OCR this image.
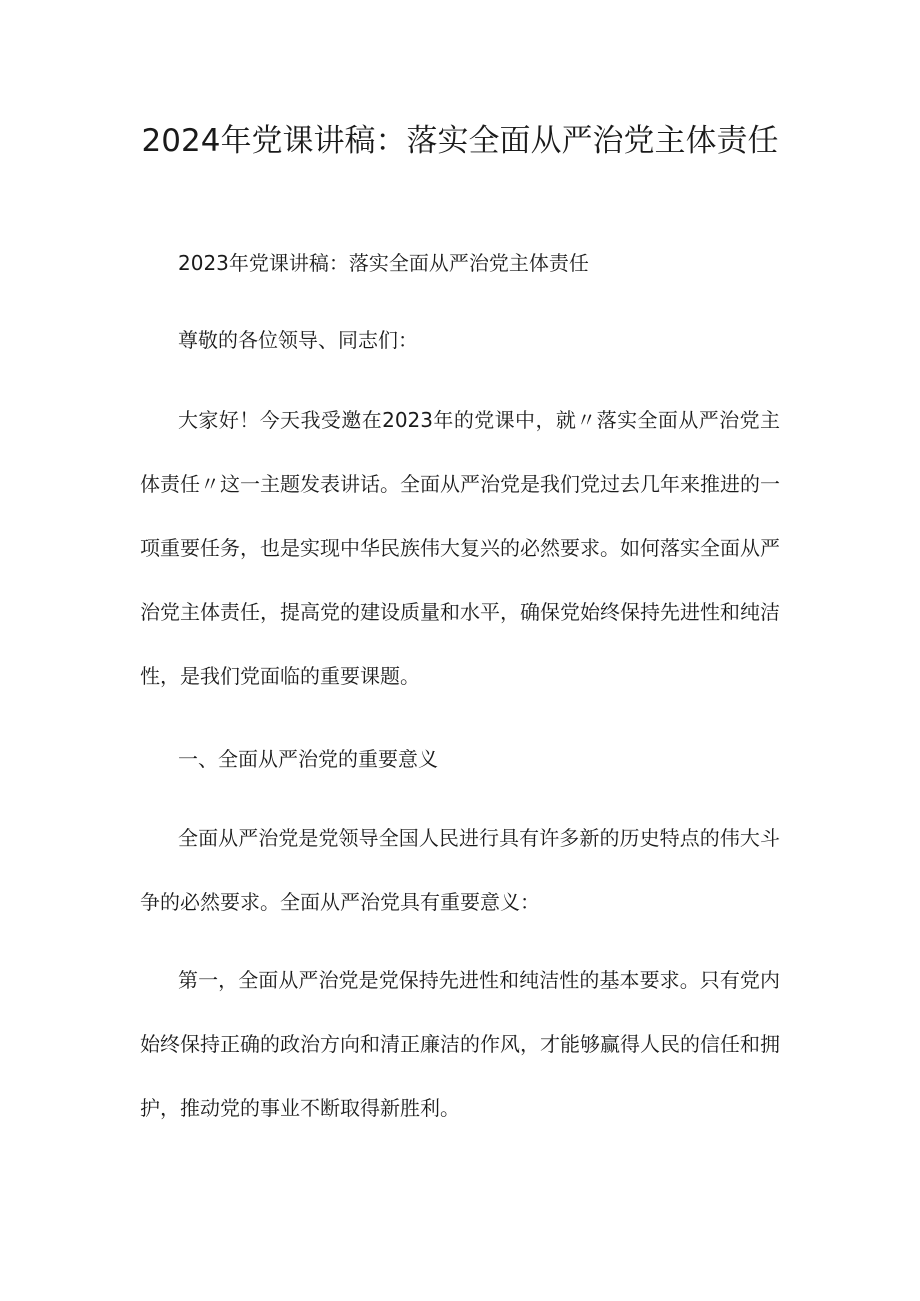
2024年党课讲稿：落实全面从严治党主体责任

2023年党课讲稿：落实全面从严治党主体责任

尊敬的各位领导、同志们：

大家好！今天我受邀在2023年的党课中，就〃落实全面从严治党主体责任〃这一主题发表讲话。全面从严治党是我们党过去几年来推进的一项重要任务，也是实现中华民族伟大复兴的必然要求。如何落实全面从严治党主体责任，提高党的建设质量和水平，确保党始终保持先进性和纯洁性，是我们党面临的重要课题。

一、全面从严治党的重要意义

全面从严治党是党领导全国人民进行具有许多新的历史特点的伟大斗争的必然要求。全面从严治党具有重要意义：

第一，全面从严治党是党保持先进性和纯洁性的基本要求。只有党内始终保持正确的政治方向和清正廉洁的作风，才能够赢得人民的信任和拥护，推动党的事业不断取得新胜利。
